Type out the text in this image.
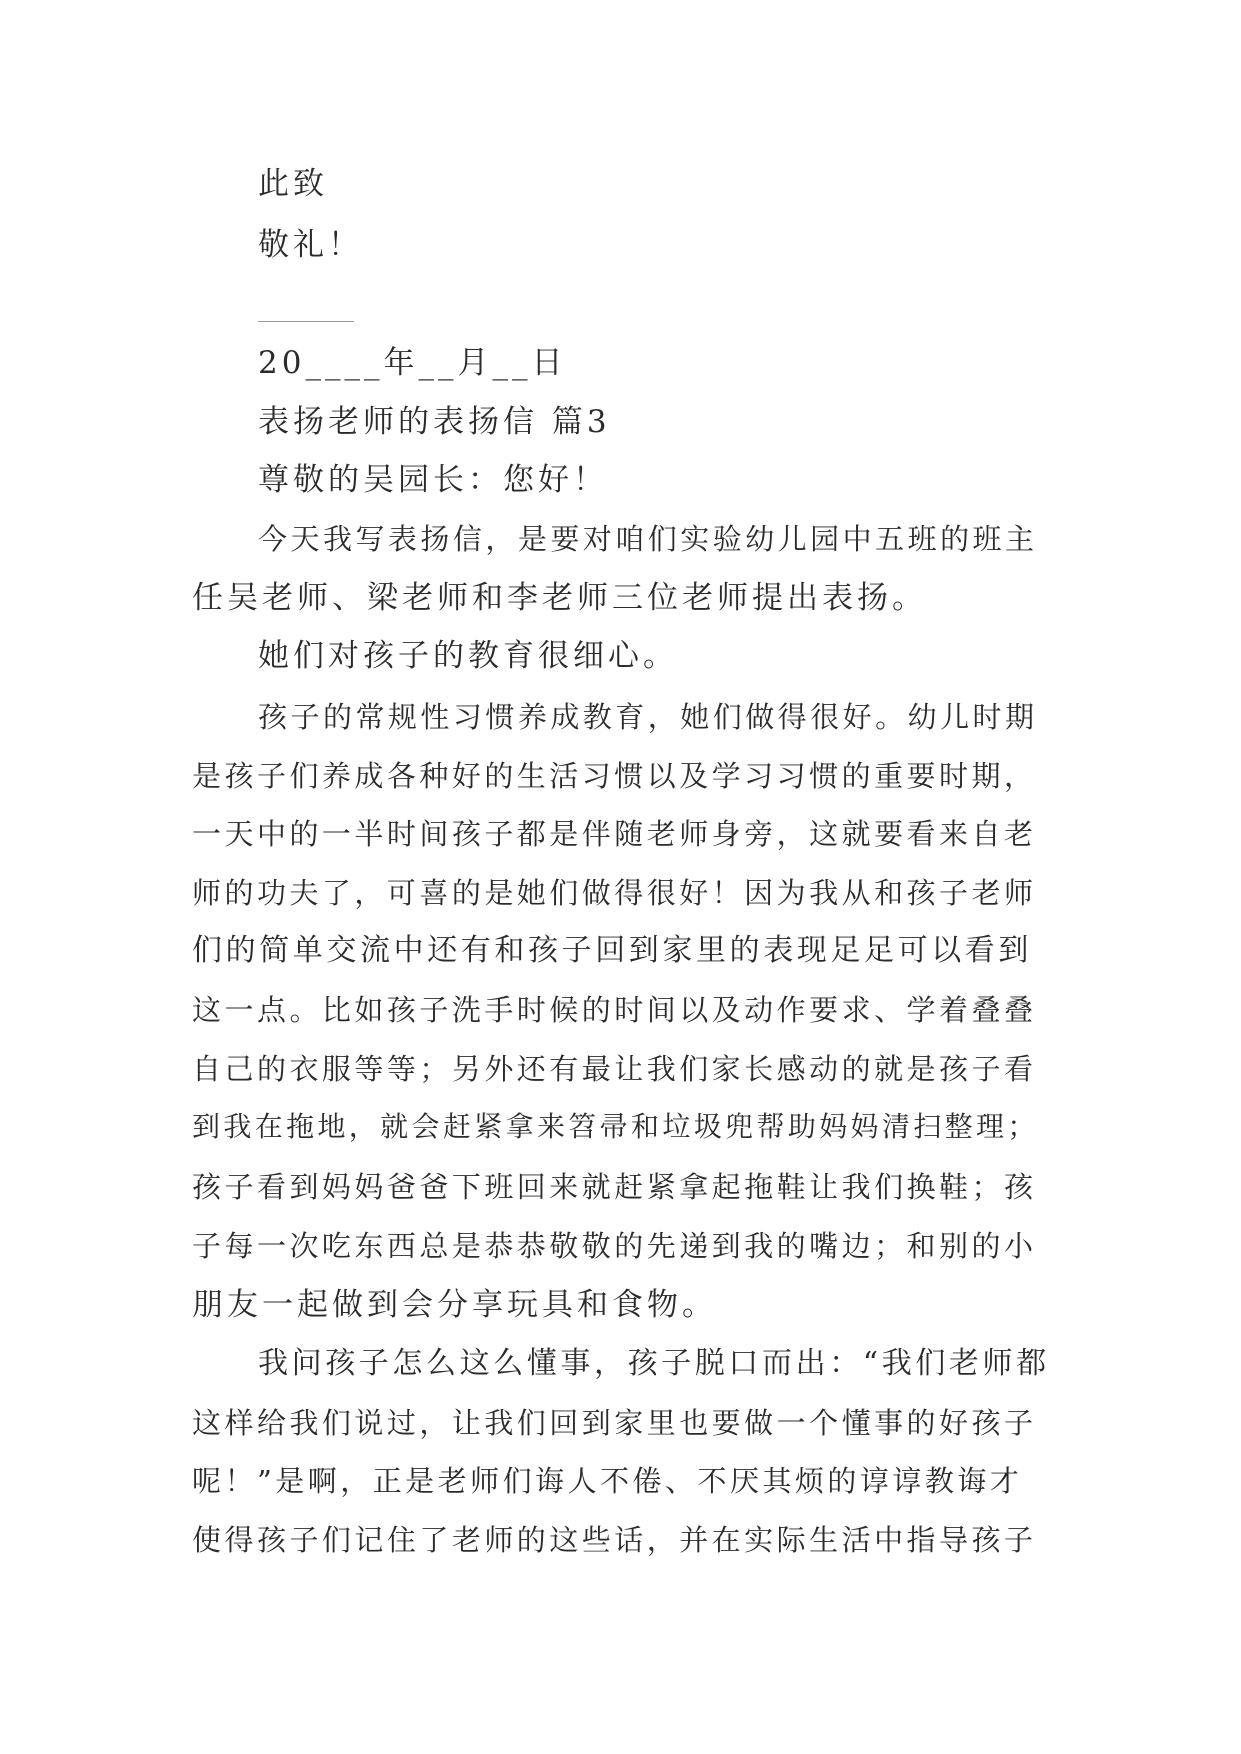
此致

敬礼！

20____年__月__日

表扬老师的表扬信 篇3

尊敬的吴园长：您好！

今天我写表扬信，是要对咱们实验幼儿园中五班的班主

任吴老师、梁老师和李老师三位老师提出表扬。

她们对孩子的教育很细心。

孩子的常规性习惯养成教育，她们做得很好。幼儿时期

是孩子们养成各种好的生活习惯以及学习习惯的重要时期，

一天中的一半时间孩子都是伴随老师身旁，这就要看来自老

师的功夫了，可喜的是她们做得很好！因为我从和孩子老师

们的简单交流中还有和孩子回到家里的表现足足可以看到

这一点。比如孩子洗手时候的时间以及动作要求、学着叠叠

自己的衣服等等；另外还有最让我们家长感动的就是孩子看

到我在拖地，就会赶紧拿来笤帚和垃圾兜帮助妈妈清扫整理；

孩子看到妈妈爸爸下班回来就赶紧拿起拖鞋让我们换鞋；孩

子每一次吃东西总是恭恭敬敬的先递到我的嘴边；和别的小

朋友一起做到会分享玩具和食物。

我问孩子怎么这么懂事，孩子脱口而出：“我们老师都

这样给我们说过，让我们回到家里也要做一个懂事的好孩子

呢！”是啊，正是老师们诲人不倦、不厌其烦的谆谆教诲才

使得孩子们记住了老师的这些话，并在实际生活中指导孩子
